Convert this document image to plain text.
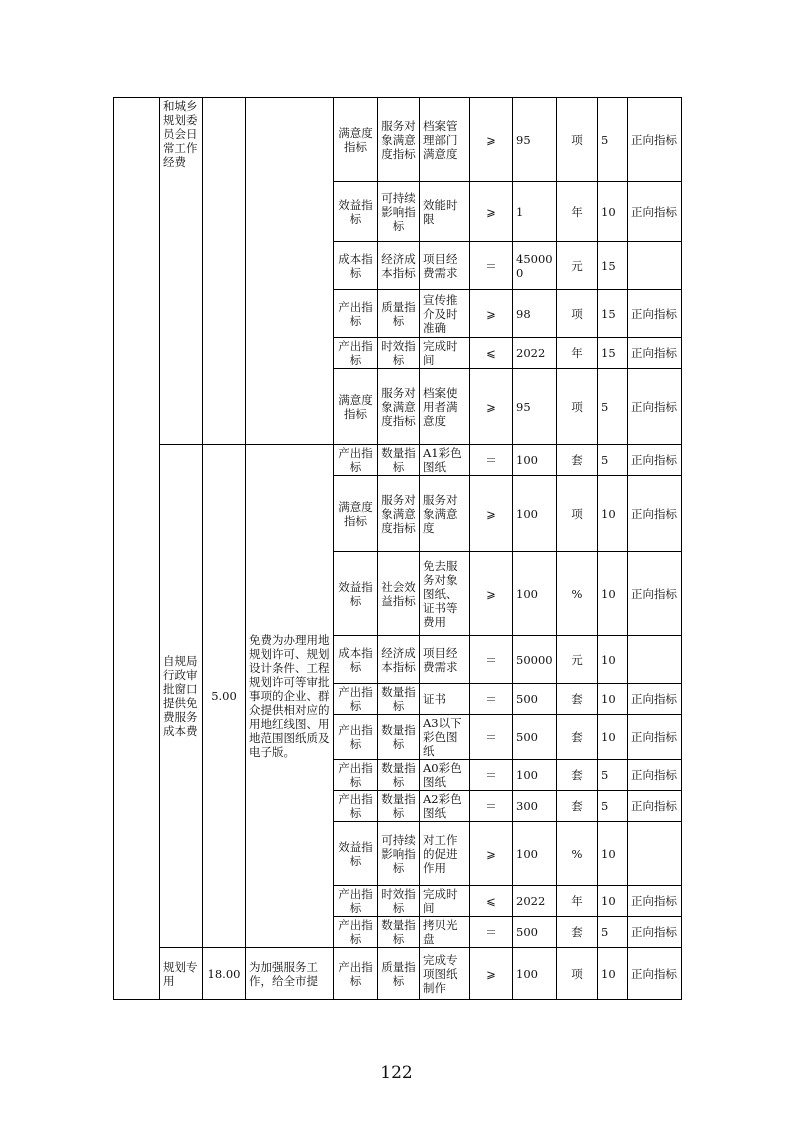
	和城乡规划委员会日常工作经费			满意度指标	服务对象满意度指标	档案管理部门满意度	⩾	95	项	5	正向指标
				效益指标	可持续影响指标	效能时限	⩾	1	年	10	正向指标
				成本指标	经济成本指标	项目经费需求	＝	450000	元	15	
				产出指标	质量指标	宣传推介及时准确	⩾	98	项	15	正向指标
				产出指标	时效指标	完成时间	⩽	2022	年	15	正向指标
				满意度指标	服务对象满意度指标	档案使用者满意度	⩾	95	项	5	正向指标
	自规局行政审批窗口提供免费服务成本费	5.00	免费为办理用地规划许可、规划设计条件、工程规划许可等审批事项的企业、群众提供相对应的用地红线图、用地范围图纸质及电子版。	产出指标	数量指标	A1彩色图纸	＝	100	套	5	正向指标
				满意度指标	服务对象满意度指标	服务对象满意度	⩾	100	项	10	正向指标
				效益指标	社会效益指标	免去服务对象图纸、证书等费用	⩾	100	%	10	正向指标
				成本指标	经济成本指标	项目经费需求	＝	50000	元	10	
				产出指标	数量指标	证书	＝	500	套	10	正向指标
				产出指标	数量指标	A3以下彩色图纸	＝	500	套	10	正向指标
				产出指标	数量指标	A0彩色图纸	＝	100	套	5	正向指标
				产出指标	数量指标	A2彩色图纸	＝	300	套	5	正向指标
				效益指标	可持续影响指标	对工作的促进作用	⩾	100	%	10	
				产出指标	时效指标	完成时间	⩽	2022	年	10	正向指标
				产出指标	数量指标	拷贝光盘	＝	500	套	5	正向指标
	规划专用	18.00	为加强服务工作，给全市提	产出指标	质量指标	完成专项图纸制作	⩾	100	项	10	正向指标
122
